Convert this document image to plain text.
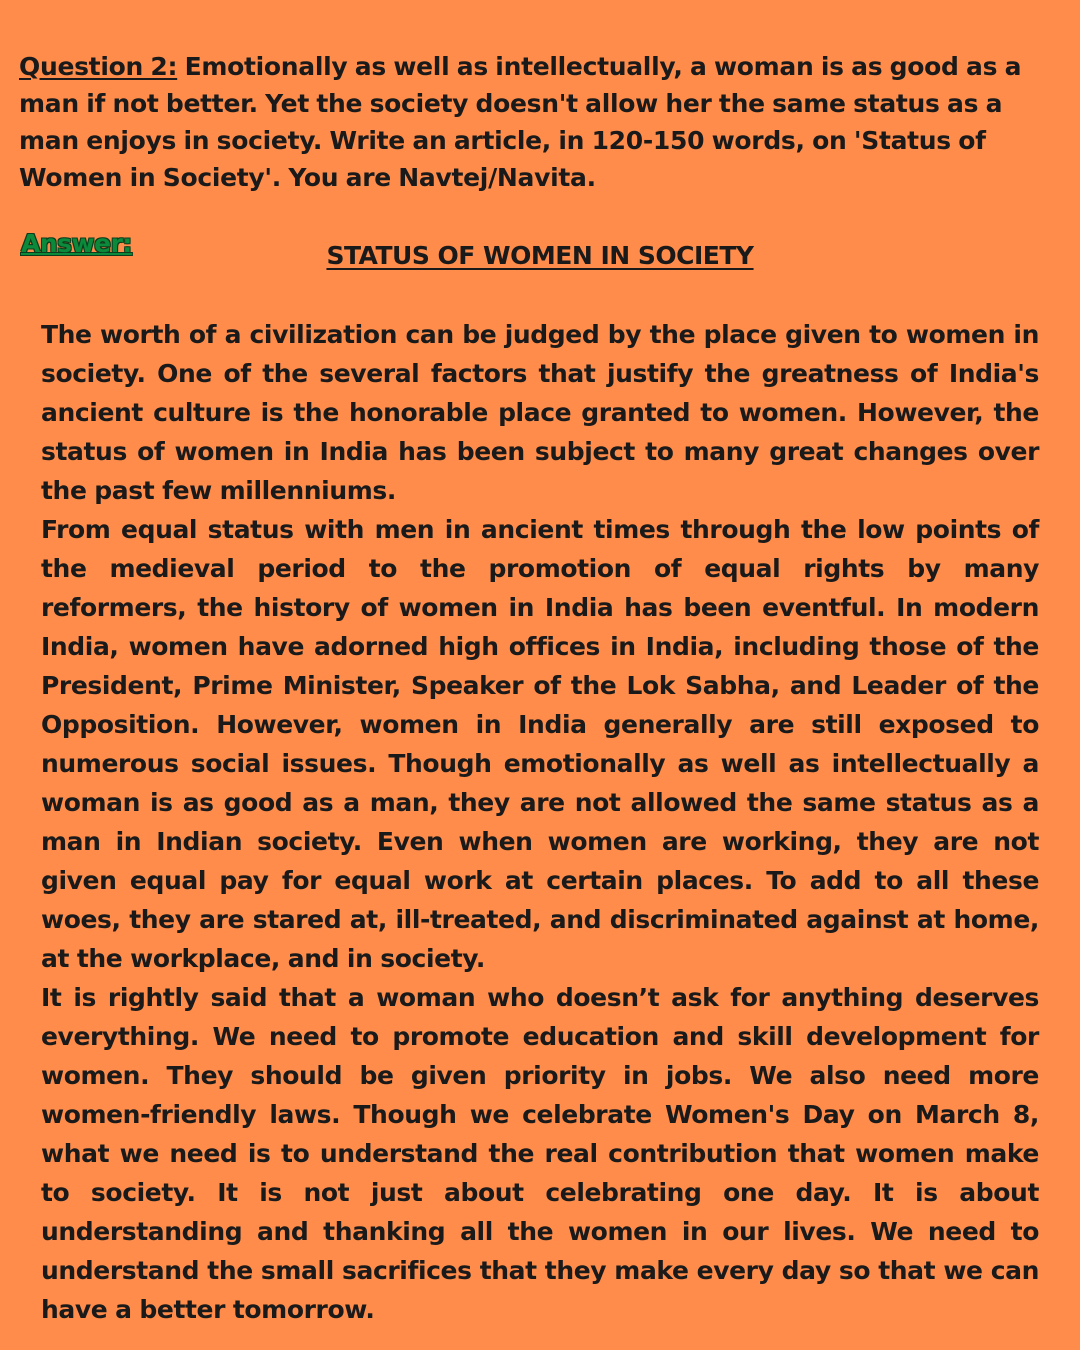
Question 2: Emotionally as well as intellectually, a woman is as good as a man if not better. Yet the society doesn't allow her the same status as a man enjoys in society. Write an article, in 120-150 words, on 'Status of Women in Society'. You are Navtej/Navita.

Answer:	STATUS OF WOMEN IN SOCIETY

The worth of a civilization can be judged by the place given to women in society. One of the several factors that justify the greatness of India's ancient culture is the honorable place granted to women. However, the status of women in India has been subject to many great changes over the past few millenniums.

From equal status with men in ancient times through the low points of the medieval period to the promotion of equal rights by many reformers, the history of women in India has been eventful. In modern India, women have adorned high offices in India, including those of the President, Prime Minister, Speaker of the Lok Sabha, and Leader of the Opposition. However, women in India generally are still exposed to numerous social issues. Though emotionally as well as intellectually a woman is as good as a man, they are not allowed the same status as a man in Indian society. Even when women are working, they are not given equal pay for equal work at certain places. To add to all these woes, they are stared at, ill-treated, and discriminated against at home, at the workplace, and in society.

It is rightly said that a woman who doesn’t ask for anything deserves everything. We need to promote education and skill development for women. They should be given priority in jobs. We also need more women-friendly laws. Though we celebrate Women's Day on March 8, what we need is to understand the real contribution that women make to society. It is not just about celebrating one day. It is about understanding and thanking all the women in our lives. We need to understand the small sacrifices that they make every day so that we can have a better tomorrow.
